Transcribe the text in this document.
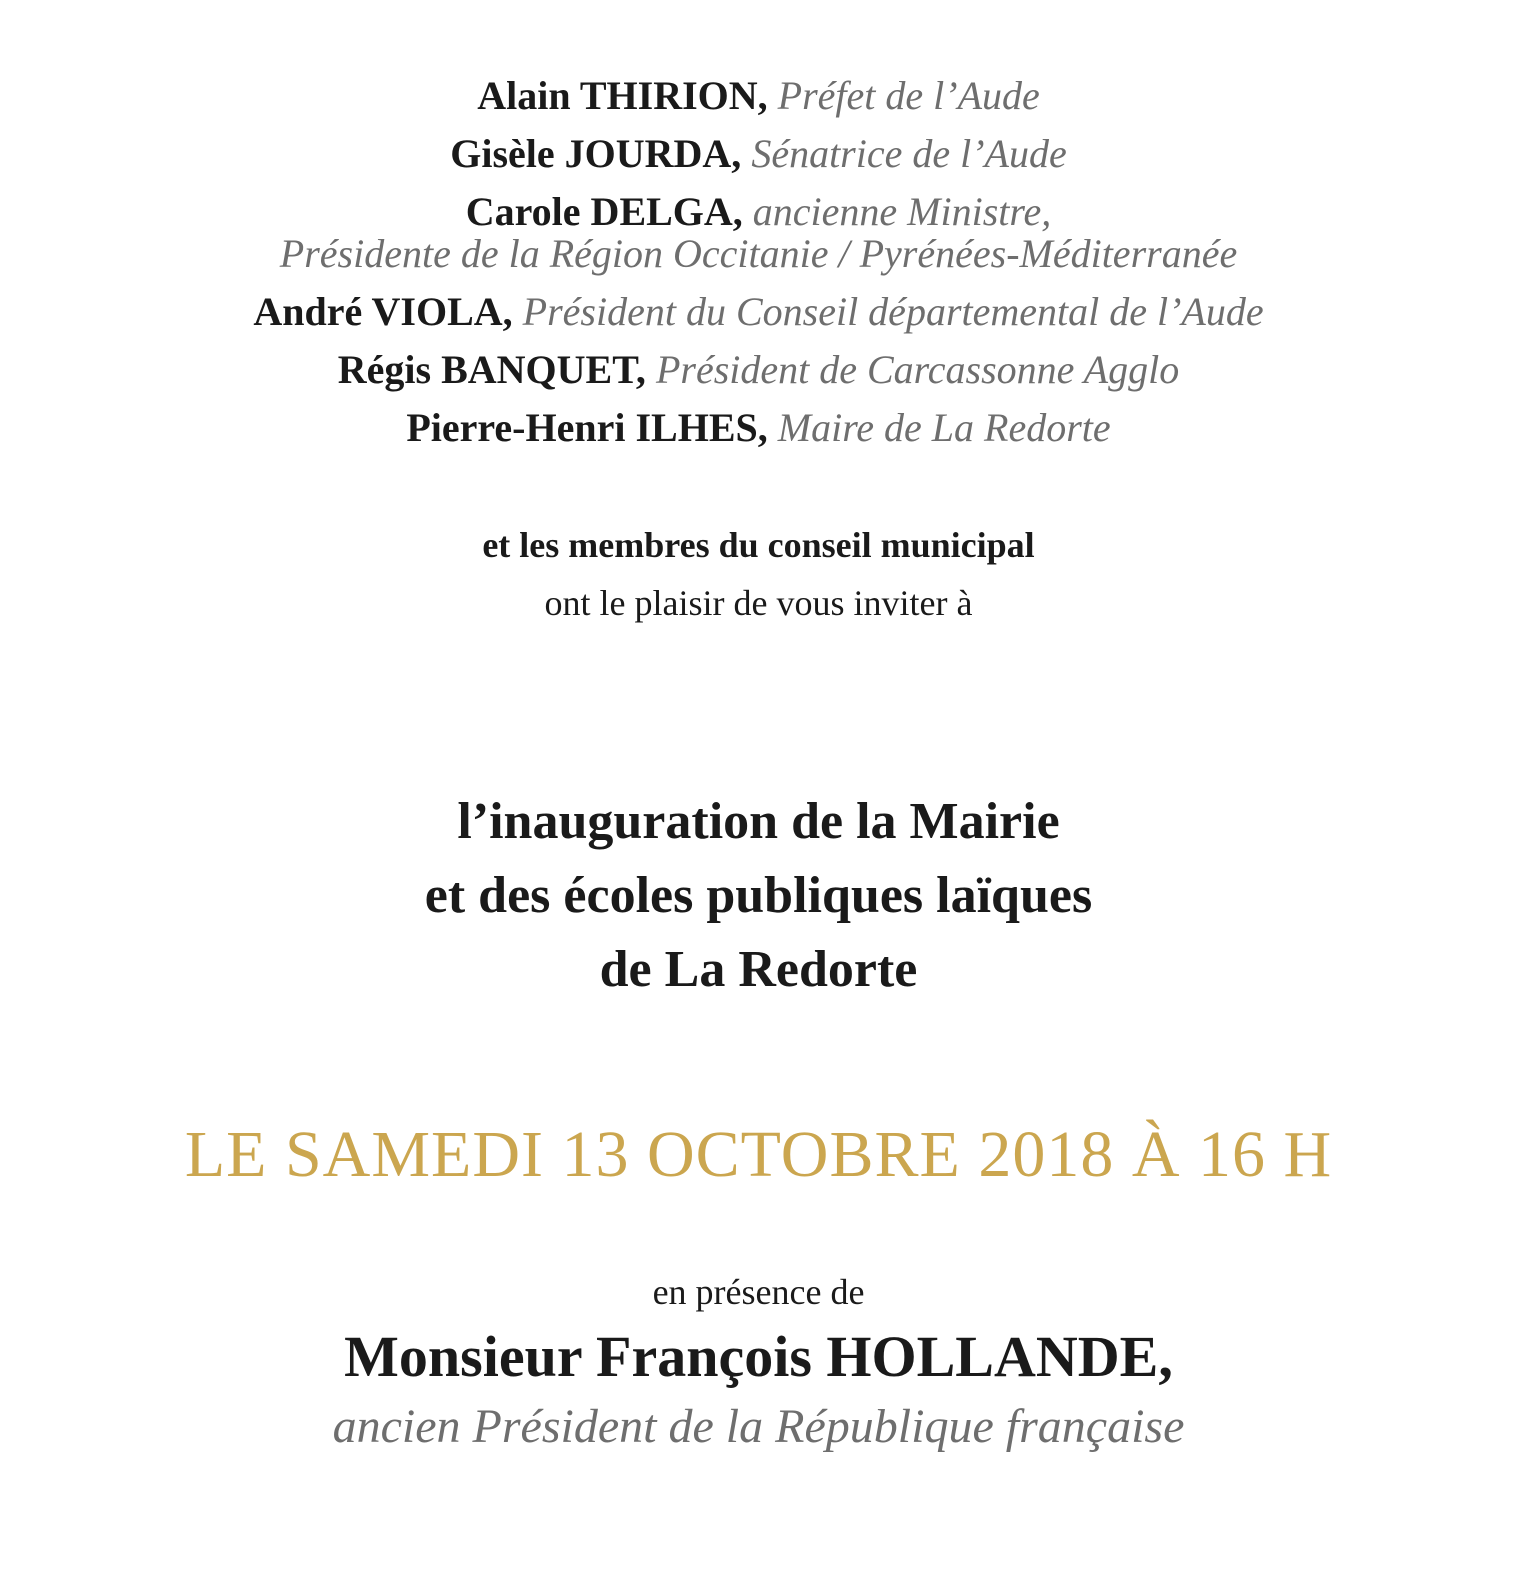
Alain THIRION, Préfet de l’Aude
Gisèle JOURDA, Sénatrice de l’Aude
Carole DELGA, ancienne Ministre,
Présidente de la Région Occitanie / Pyrénées-Méditerranée
André VIOLA, Président du Conseil départemental de l’Aude
Régis BANQUET, Président de Carcassonne Agglo
Pierre-Henri ILHES, Maire de La Redorte
et les membres du conseil municipal
ont le plaisir de vous inviter à
l’inauguration de la Mairie
et des écoles publiques laïques
de La Redorte
LE SAMEDI 13 OCTOBRE 2018 À 16 H
en présence de
Monsieur François HOLLANDE,
ancien Président de la République française
